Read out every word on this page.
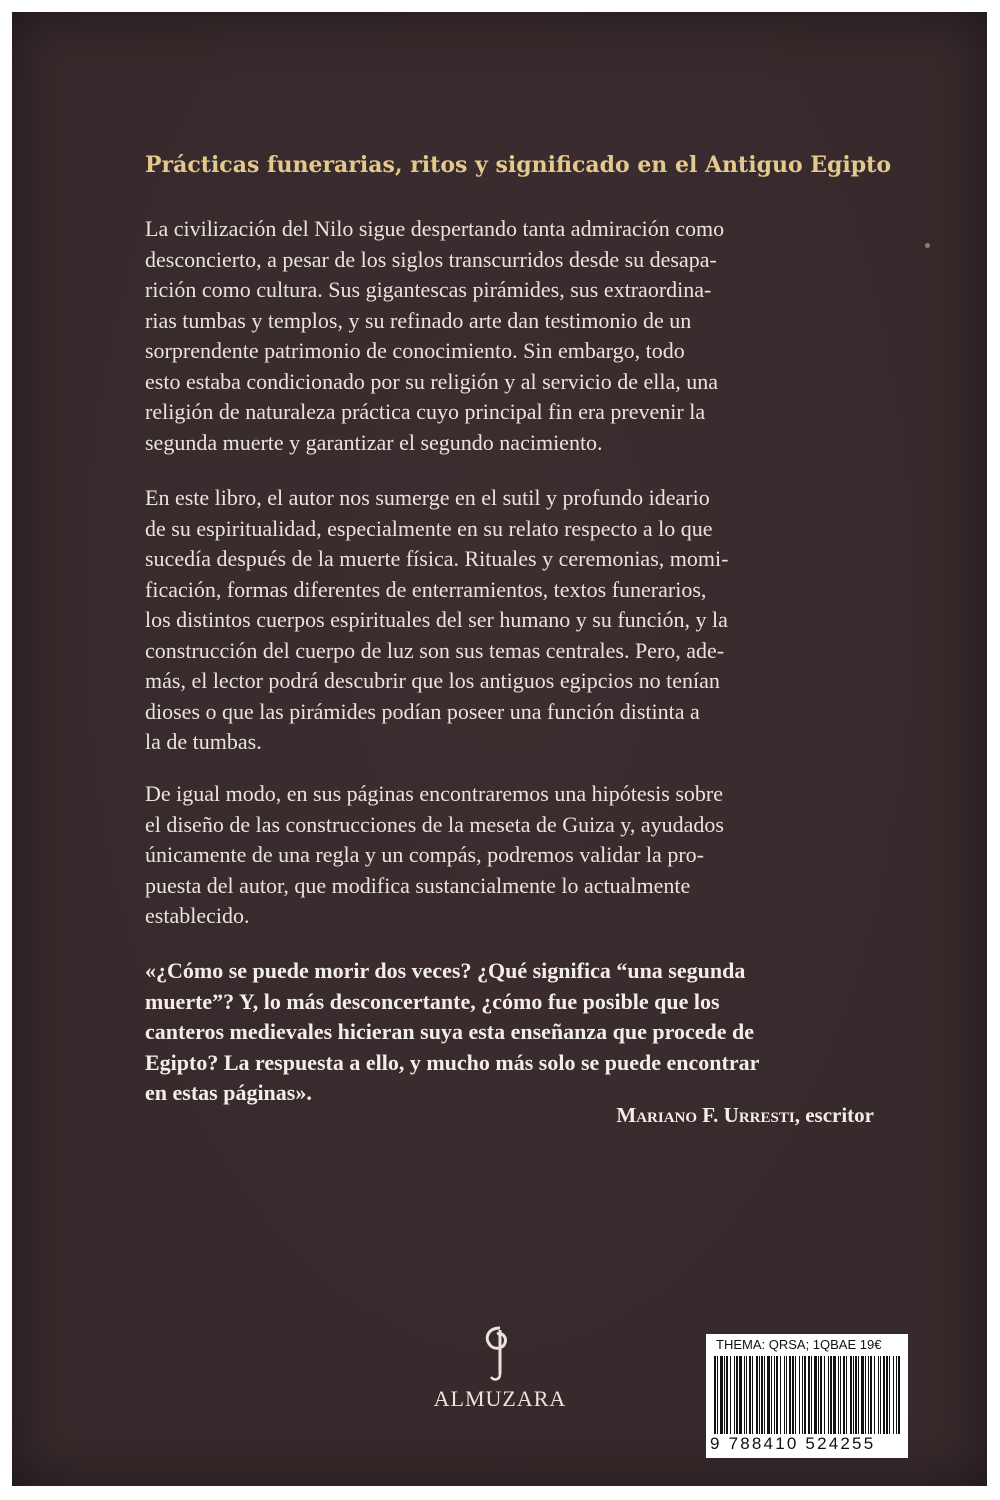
Prácticas funerarias, ritos y significado en el Antiguo Egipto

La civilización del Nilo sigue despertando tanta admiración como
desconcierto, a pesar de los siglos transcurridos desde su desapa-
rición como cultura. Sus gigantescas pirámides, sus extraordina-
rias tumbas y templos, y su refinado arte dan testimonio de un
sorprendente patrimonio de conocimiento. Sin embargo, todo
esto estaba condicionado por su religión y al servicio de ella, una
religión de naturaleza práctica cuyo principal fin era prevenir la
segunda muerte y garantizar el segundo nacimiento.

En este libro, el autor nos sumerge en el sutil y profundo ideario
de su espiritualidad, especialmente en su relato respecto a lo que
sucedía después de la muerte física. Rituales y ceremonias, momi-
ficación, formas diferentes de enterramientos, textos funerarios,
los distintos cuerpos espirituales del ser humano y su función, y la
construcción del cuerpo de luz son sus temas centrales. Pero, ade-
más, el lector podrá descubrir que los antiguos egipcios no tenían
dioses o que las pirámides podían poseer una función distinta a
la de tumbas.

De igual modo, en sus páginas encontraremos una hipótesis sobre
el diseño de las construcciones de la meseta de Guiza y, ayudados
únicamente de una regla y un compás, podremos validar la pro-
puesta del autor, que modifica sustancialmente lo actualmente
establecido.

«¿Cómo se puede morir dos veces? ¿Qué significa “una segunda
muerte”? Y, lo más desconcertante, ¿cómo fue posible que los
canteros medievales hicieran suya esta enseñanza que procede de
Egipto? La respuesta a ello, y mucho más solo se puede encontrar
en estas páginas».

Mariano F. Urresti, escritor
ALMUZARA
THEMA: QRSA; 1QBAE 19€
9 788410 524255
